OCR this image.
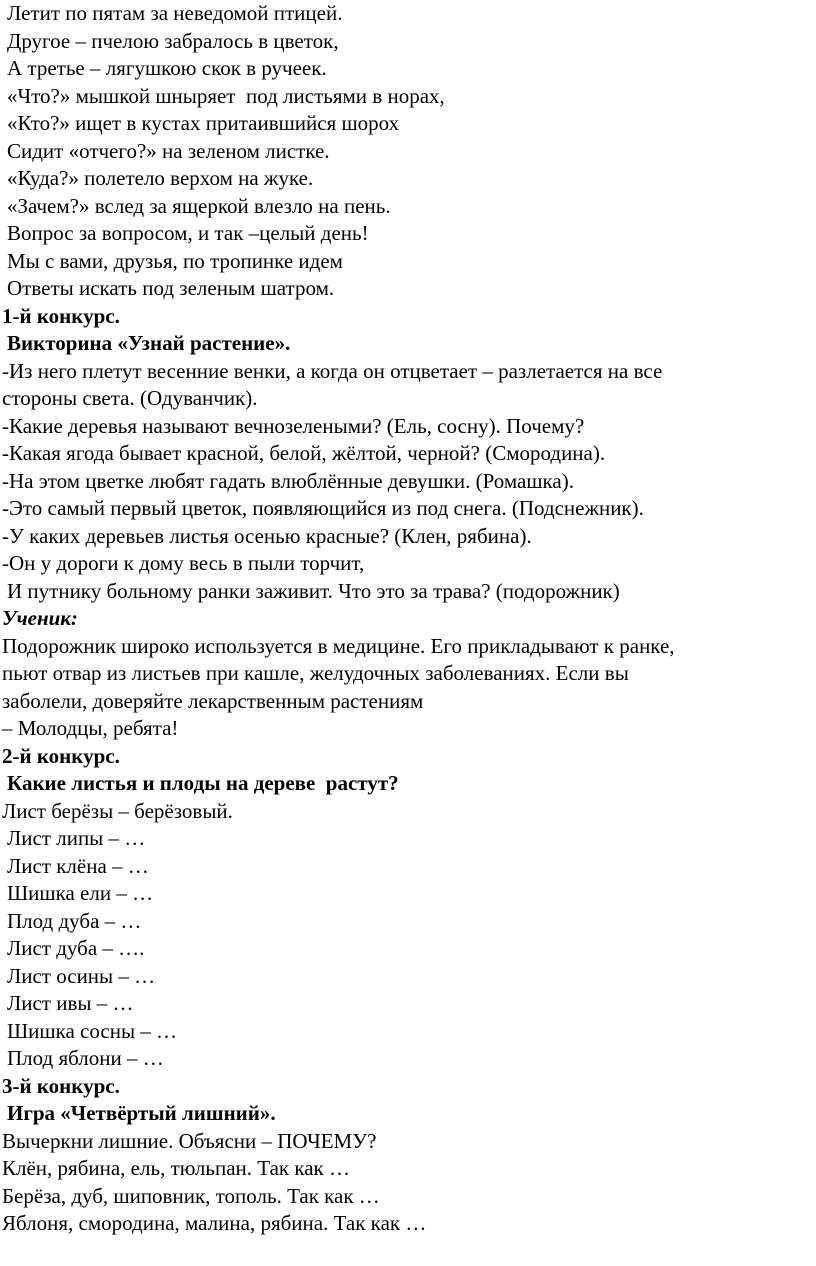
Летит по пятам за неведомой птицей.
Другое – пчелою забралось в цветок,
А третье – лягушкою скок в ручеек.
«Что?» мышкой шныряет  под листьями в норах,
«Кто?» ищет в кустах притаившийся шорох
Сидит «отчего?» на зеленом листке.
«Куда?» полетело верхом на жуке.
«Зачем?» вслед за ящеркой влезло на пень.
Вопрос за вопросом, и так –целый день!
Мы с вами, друзья, по тропинке идем
Ответы искать под зеленым шатром.
1-й конкурс.
Викторина «Узнай растение».
-Из него плетут весенние венки, а когда он отцветает – разлетается на все
стороны света. (Одуванчик).
-Какие деревья называют вечнозелеными? (Ель, сосну). Почему?
-Какая ягода бывает красной, белой, жёлтой, черной? (Смородина).
-На этом цветке любят гадать влюблённые девушки. (Ромашка).
-Это самый первый цветок, появляющийся из под снега. (Подснежник).
-У каких деревьев листья осенью красные? (Клен, рябина).
-Он у дороги к дому весь в пыли торчит,
И путнику больному ранки заживит. Что это за трава? (подорожник)
Ученик:
Подорожник широко используется в медицине. Его прикладывают к ранке,
пьют отвар из листьев при кашле, желудочных заболеваниях. Если вы
заболели, доверяйте лекарственным растениям
– Молодцы, ребята!
2-й конкурс.
Какие листья и плоды на дереве  растут?
Лист берёзы – берёзовый.
Лист липы – …
Лист клёна – …
Шишка ели – …
Плод дуба – …
Лист дуба – ….
Лист осины – …
Лист ивы – …
Шишка сосны – …
Плод яблони – …
3-й конкурс.
Игра «Четвёртый лишний».
Вычеркни лишние. Объясни – ПОЧЕМУ?
Клён, рябина, ель, тюльпан. Так как …
Берёза, дуб, шиповник, тополь. Так как …
Яблоня, смородина, малина, рябина. Так как …
